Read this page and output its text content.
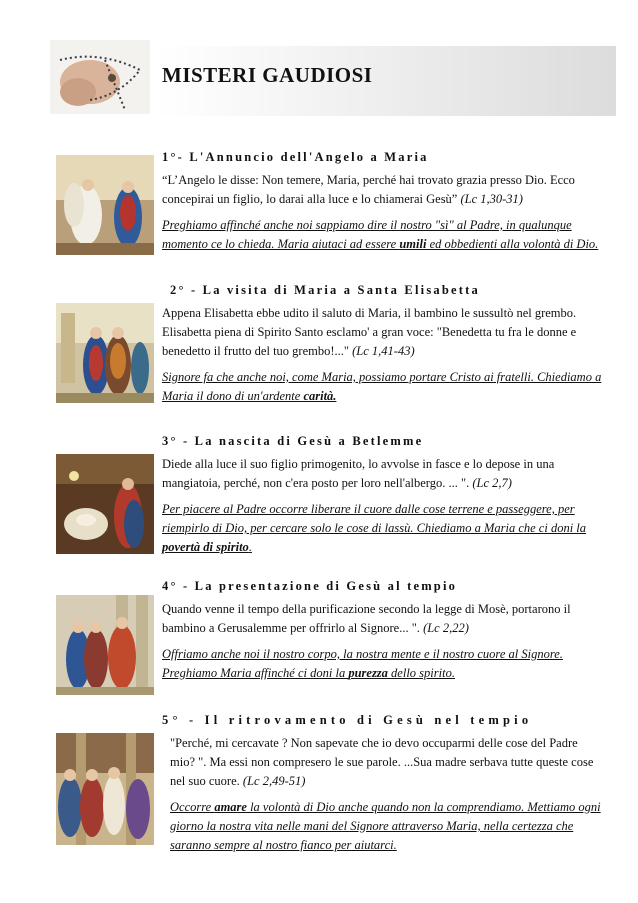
MISTERI GAUDIOSI
1°- L'Annuncio dell'Angelo a Maria

“L’Angelo le disse: Non temere, Maria, perché hai trovato grazia presso Dio. Ecco concepirai un figlio, lo darai alla luce e lo chiamerai Gesù” (Lc 1,30-31)

Preghiamo affinché anche noi sappiamo dire il nostro "sì" al Padre, in qualunque momento ce lo chieda. Maria aiutaci ad essere umili ed obbedienti alla volontà di Dio.

2° - La visita di Maria a Santa Elisabetta

Appena Elisabetta ebbe udito il saluto di Maria, il bambino le sussultò nel grembo. Elisabetta piena di Spirito Santo esclamo' a gran voce: "Benedetta tu fra le donne e benedetto il frutto del tuo grembo!..." (Lc 1,41-43)

Signore fa che anche noi, come Maria, possiamo portare Cristo ai fratelli. Chiediamo a Maria il dono di un'ardente carità.

3° - La nascita di Gesù a Betlemme

Diede alla luce il suo figlio primogenito, lo avvolse in fasce e lo depose in una mangiatoia, perché, non c'era posto per loro nell'albergo. ... ". (Lc 2,7)

Per piacere al Padre occorre liberare il cuore dalle cose terrene e passeggere, per riempirlo di Dio, per cercare solo le cose di lassù. Chiediamo a Maria che ci doni la povertà di spirito.

4° - La presentazione di Gesù al tempio

Quando venne il tempo della purificazione secondo la legge di Mosè, portarono il bambino a Gerusalemme per offrirlo al Signore... ". (Lc 2,22)

Offriamo anche noi il nostro corpo, la nostra mente e il nostro cuore al Signore. Preghiamo Maria affinché ci doni la purezza dello spirito.

5° - Il ritrovamento di Gesù nel tempio

"Perché, mi cercavate ? Non sapevate che io devo occuparmi delle cose del Padre mio? ". Ma essi non compresero le sue parole. ...Sua madre serbava tutte queste cose nel suo cuore. (Lc 2,49-51)

Occorre amare la volontà di Dio anche quando non la comprendiamo. Mettiamo ogni giorno la nostra vita nelle mani del Signore attraverso Maria, nella certezza che saranno sempre al nostro fianco per aiutarci.
